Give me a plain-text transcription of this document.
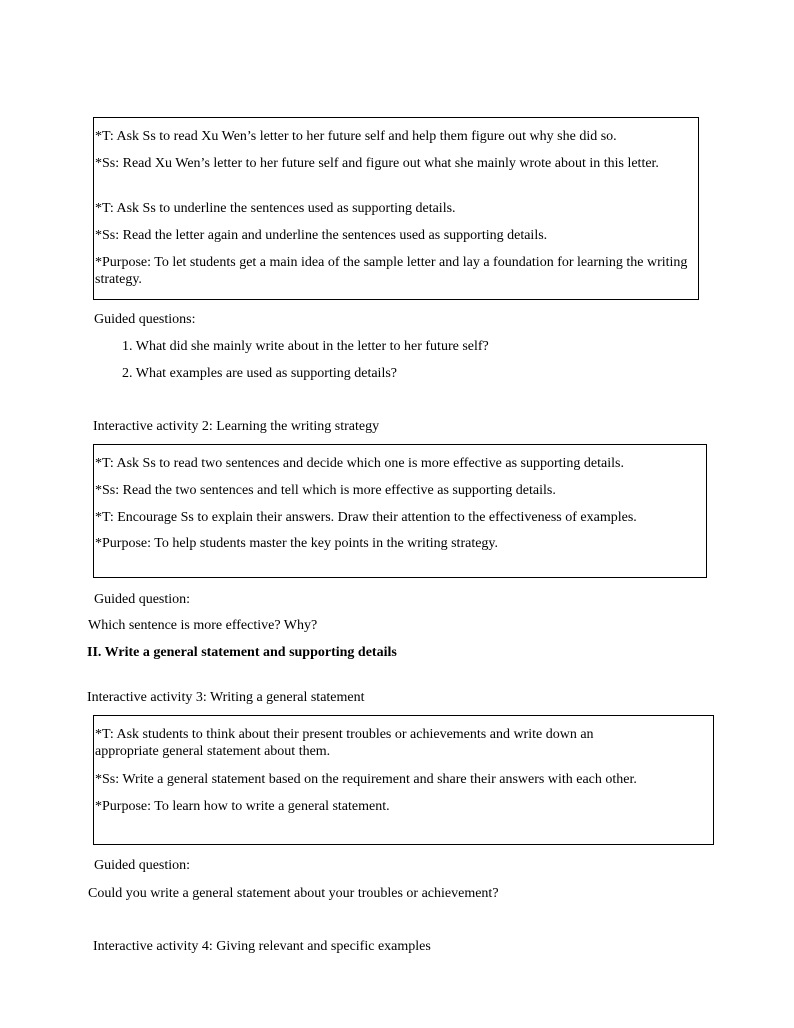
*T: Ask Ss to read Xu Wen’s letter to her future self and help them figure out why she did so.
*Ss: Read Xu Wen’s letter to her future self and figure out what she mainly wrote about in this letter.
*T: Ask Ss to underline the sentences used as supporting details.
*Ss: Read the letter again and underline the sentences used as supporting details.
*Purpose: To let students get a main idea of the sample letter and lay a foundation for learning the writing strategy.
Guided questions:
1. What did she mainly write about in the letter to her future self?
2. What examples are used as supporting details?
Interactive activity 2: Learning the writing strategy
*T: Ask Ss to read two sentences and decide which one is more effective as supporting details.
*Ss: Read the two sentences and tell which is more effective as supporting details.
*T: Encourage Ss to explain their answers. Draw their attention to the effectiveness of examples.
*Purpose: To help students master the key points in the writing strategy.
Guided question:
Which sentence is more effective? Why?
II. Write a general statement and supporting details
Interactive activity 3: Writing a general statement
*T: Ask students to think about their present troubles or achievements and write down an appropriate general statement about them.
*Ss: Write a general statement based on the requirement and share their answers with each other.
*Purpose: To learn how to write a general statement.
Guided question:
Could you write a general statement about your troubles or achievement?
Interactive activity 4: Giving relevant and specific examples
